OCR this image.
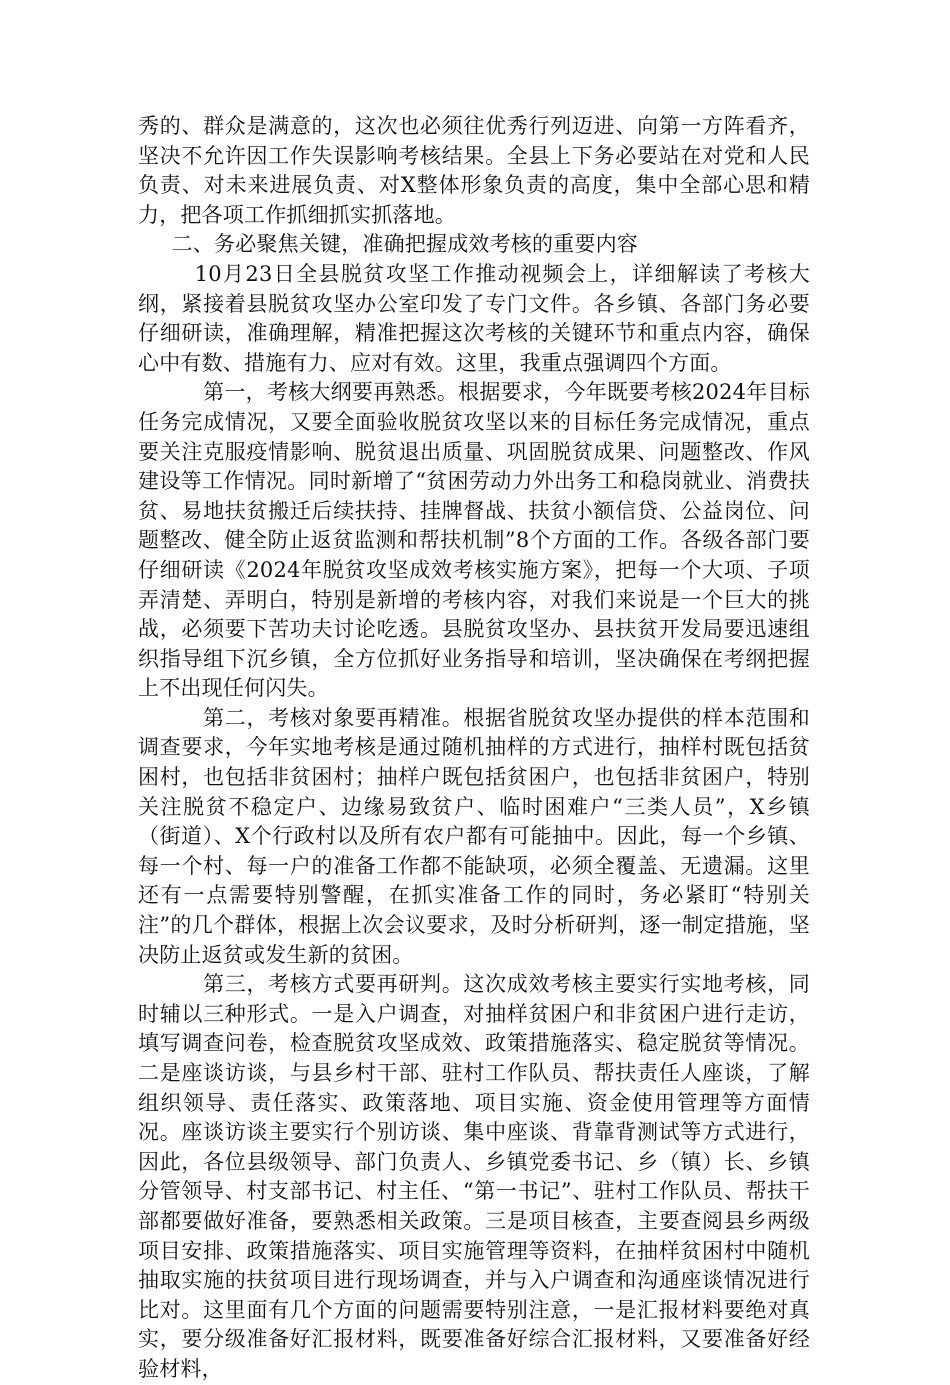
秀的、群众是满意的，这次也必须往优秀行列迈进、向第一方阵看齐，坚决不允许因工作失误影响考核结果。全县上下务必要站在对党和人民负责、对未来进展负责、对X整体形象负责的高度，集中全部心思和精力，把各项工作抓细抓实抓落地。

二、务必聚焦关键，准确把握成效考核的重要内容

10月23日全县脱贫攻坚工作推动视频会上，详细解读了考核大纲，紧接着县脱贫攻坚办公室印发了专门文件。各乡镇、各部门务必要仔细研读，准确理解，精准把握这次考核的关键环节和重点内容，确保心中有数、措施有力、应对有效。这里，我重点强调四个方面。

第一，考核大纲要再熟悉。根据要求，今年既要考核2024年目标任务完成情况，又要全面验收脱贫攻坚以来的目标任务完成情况，重点要关注克服疫情影响、脱贫退出质量、巩固脱贫成果、问题整改、作风建设等工作情况。同时新增了“贫困劳动力外出务工和稳岗就业、消费扶贫、易地扶贫搬迁后续扶持、挂牌督战、扶贫小额信贷、公益岗位、问题整改、健全防止返贫监测和帮扶机制”8个方面的工作。各级各部门要仔细研读《2024年脱贫攻坚成效考核实施方案》，把每一个大项、子项弄清楚、弄明白，特别是新增的考核内容，对我们来说是一个巨大的挑战，必须要下苦功夫讨论吃透。县脱贫攻坚办、县扶贫开发局要迅速组织指导组下沉乡镇，全方位抓好业务指导和培训，坚决确保在考纲把握上不出现任何闪失。

第二，考核对象要再精准。根据省脱贫攻坚办提供的样本范围和调查要求，今年实地考核是通过随机抽样的方式进行，抽样村既包括贫困村，也包括非贫困村；抽样户既包括贫困户，也包括非贫困户，特别关注脱贫不稳定户、边缘易致贫户、临时困难户“三类人员”，X乡镇（街道）、X个行政村以及所有农户都有可能抽中。因此，每一个乡镇、每一个村、每一户的准备工作都不能缺项，必须全覆盖、无遗漏。这里还有一点需要特别警醒，在抓实准备工作的同时，务必紧盯“特别关注”的几个群体，根据上次会议要求，及时分析研判，逐一制定措施，坚决防止返贫或发生新的贫困。

第三，考核方式要再研判。这次成效考核主要实行实地考核，同时辅以三种形式。一是入户调查，对抽样贫困户和非贫困户进行走访，填写调查问卷，检查脱贫攻坚成效、政策措施落实、稳定脱贫等情况。二是座谈访谈，与县乡村干部、驻村工作队员、帮扶责任人座谈，了解组织领导、责任落实、政策落地、项目实施、资金使用管理等方面情况。座谈访谈主要实行个别访谈、集中座谈、背靠背测试等方式进行，因此，各位县级领导、部门负责人、乡镇党委书记、乡（镇）长、乡镇分管领导、村支部书记、村主任、“第一书记”、驻村工作队员、帮扶干部都要做好准备，要熟悉相关政策。三是项目核查，主要查阅县乡两级项目安排、政策措施落实、项目实施管理等资料，在抽样贫困村中随机抽取实施的扶贫项目进行现场调查，并与入户调查和沟通座谈情况进行比对。这里面有几个方面的问题需要特别注意，一是汇报材料要绝对真实，要分级准备好汇报材料，既要准备好综合汇报材料，又要准备好经验材料，
